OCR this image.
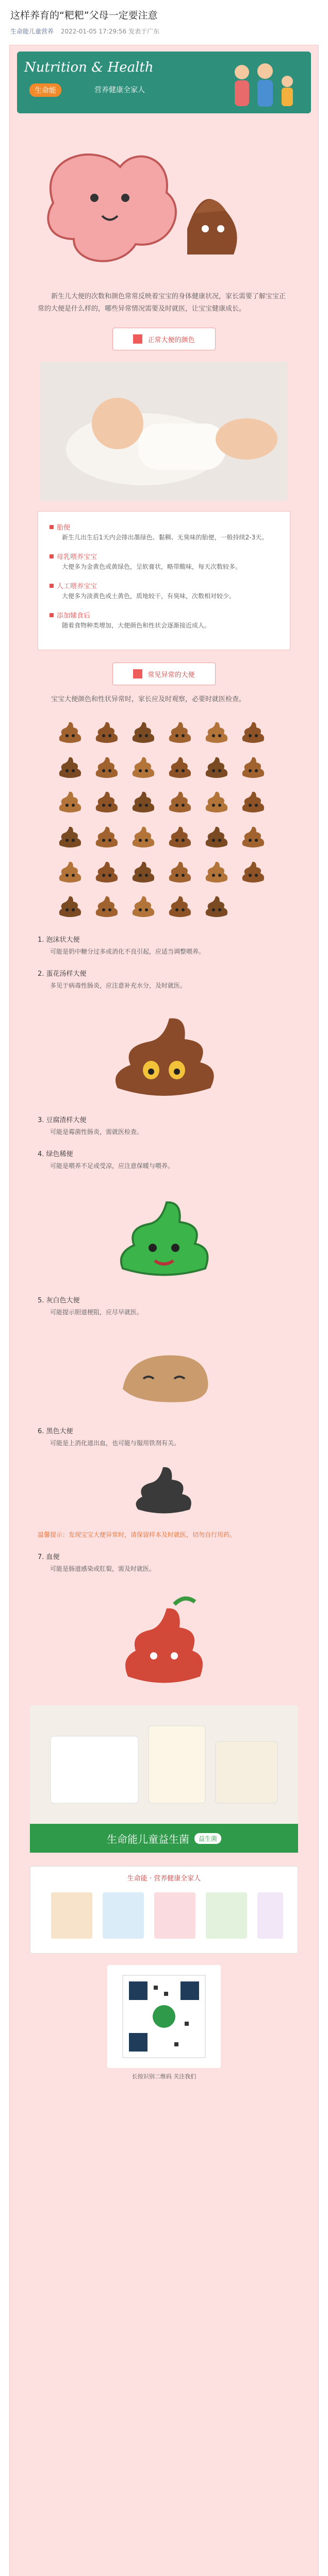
这样养育的“粑粑”父母一定要注意
生命能儿童营养 2022-01-05 17:29:56 发表于广东
Nutrition & Health
生命能	营养健康全家人

新生儿大便的次数和颜色常常反映着宝宝的身体健康状况，家长需要了解宝宝正常的大便是什么样的，哪些异常情况需要及时就医，让宝宝健康成长。

正常大便的颜色
胎便
新生儿出生后1天内会排出墨绿色、黏稠、无臭味的胎便，一般持续2-3天。
母乳喂养宝宝
大便多为金黄色或黄绿色，呈软膏状，略带酸味，每天次数较多。
人工喂养宝宝
大便多为淡黄色或土黄色，质地较干，有臭味，次数相对较少。
添加辅食后
随着食物种类增加，大便颜色和性状会逐渐接近成人。
常见异常的大便

宝宝大便颜色和性状异常时，家长应及时观察，必要时就医检查。

1. 泡沫状大便
可能是奶中糖分过多或消化不良引起，应适当调整喂养。
2. 蛋花汤样大便
多见于病毒性肠炎，应注意补充水分，及时就医。
3. 豆腐渣样大便
可能是霉菌性肠炎，需就医检查。
4. 绿色稀便
可能是喂养不足或受凉，应注意保暖与喂养。
5. 灰白色大便
可能提示胆道梗阻，应尽早就医。
6. 黑色大便
可能是上消化道出血，也可能与服用铁剂有关。
温馨提示：发现宝宝大便异常时，请保留样本及时就医，切勿自行用药。
7. 血便
可能是肠道感染或肛裂，需及时就医。
生命能儿童益生菌	益生菌
生命能 · 营养健康全家人
长按识别二维码 关注我们
